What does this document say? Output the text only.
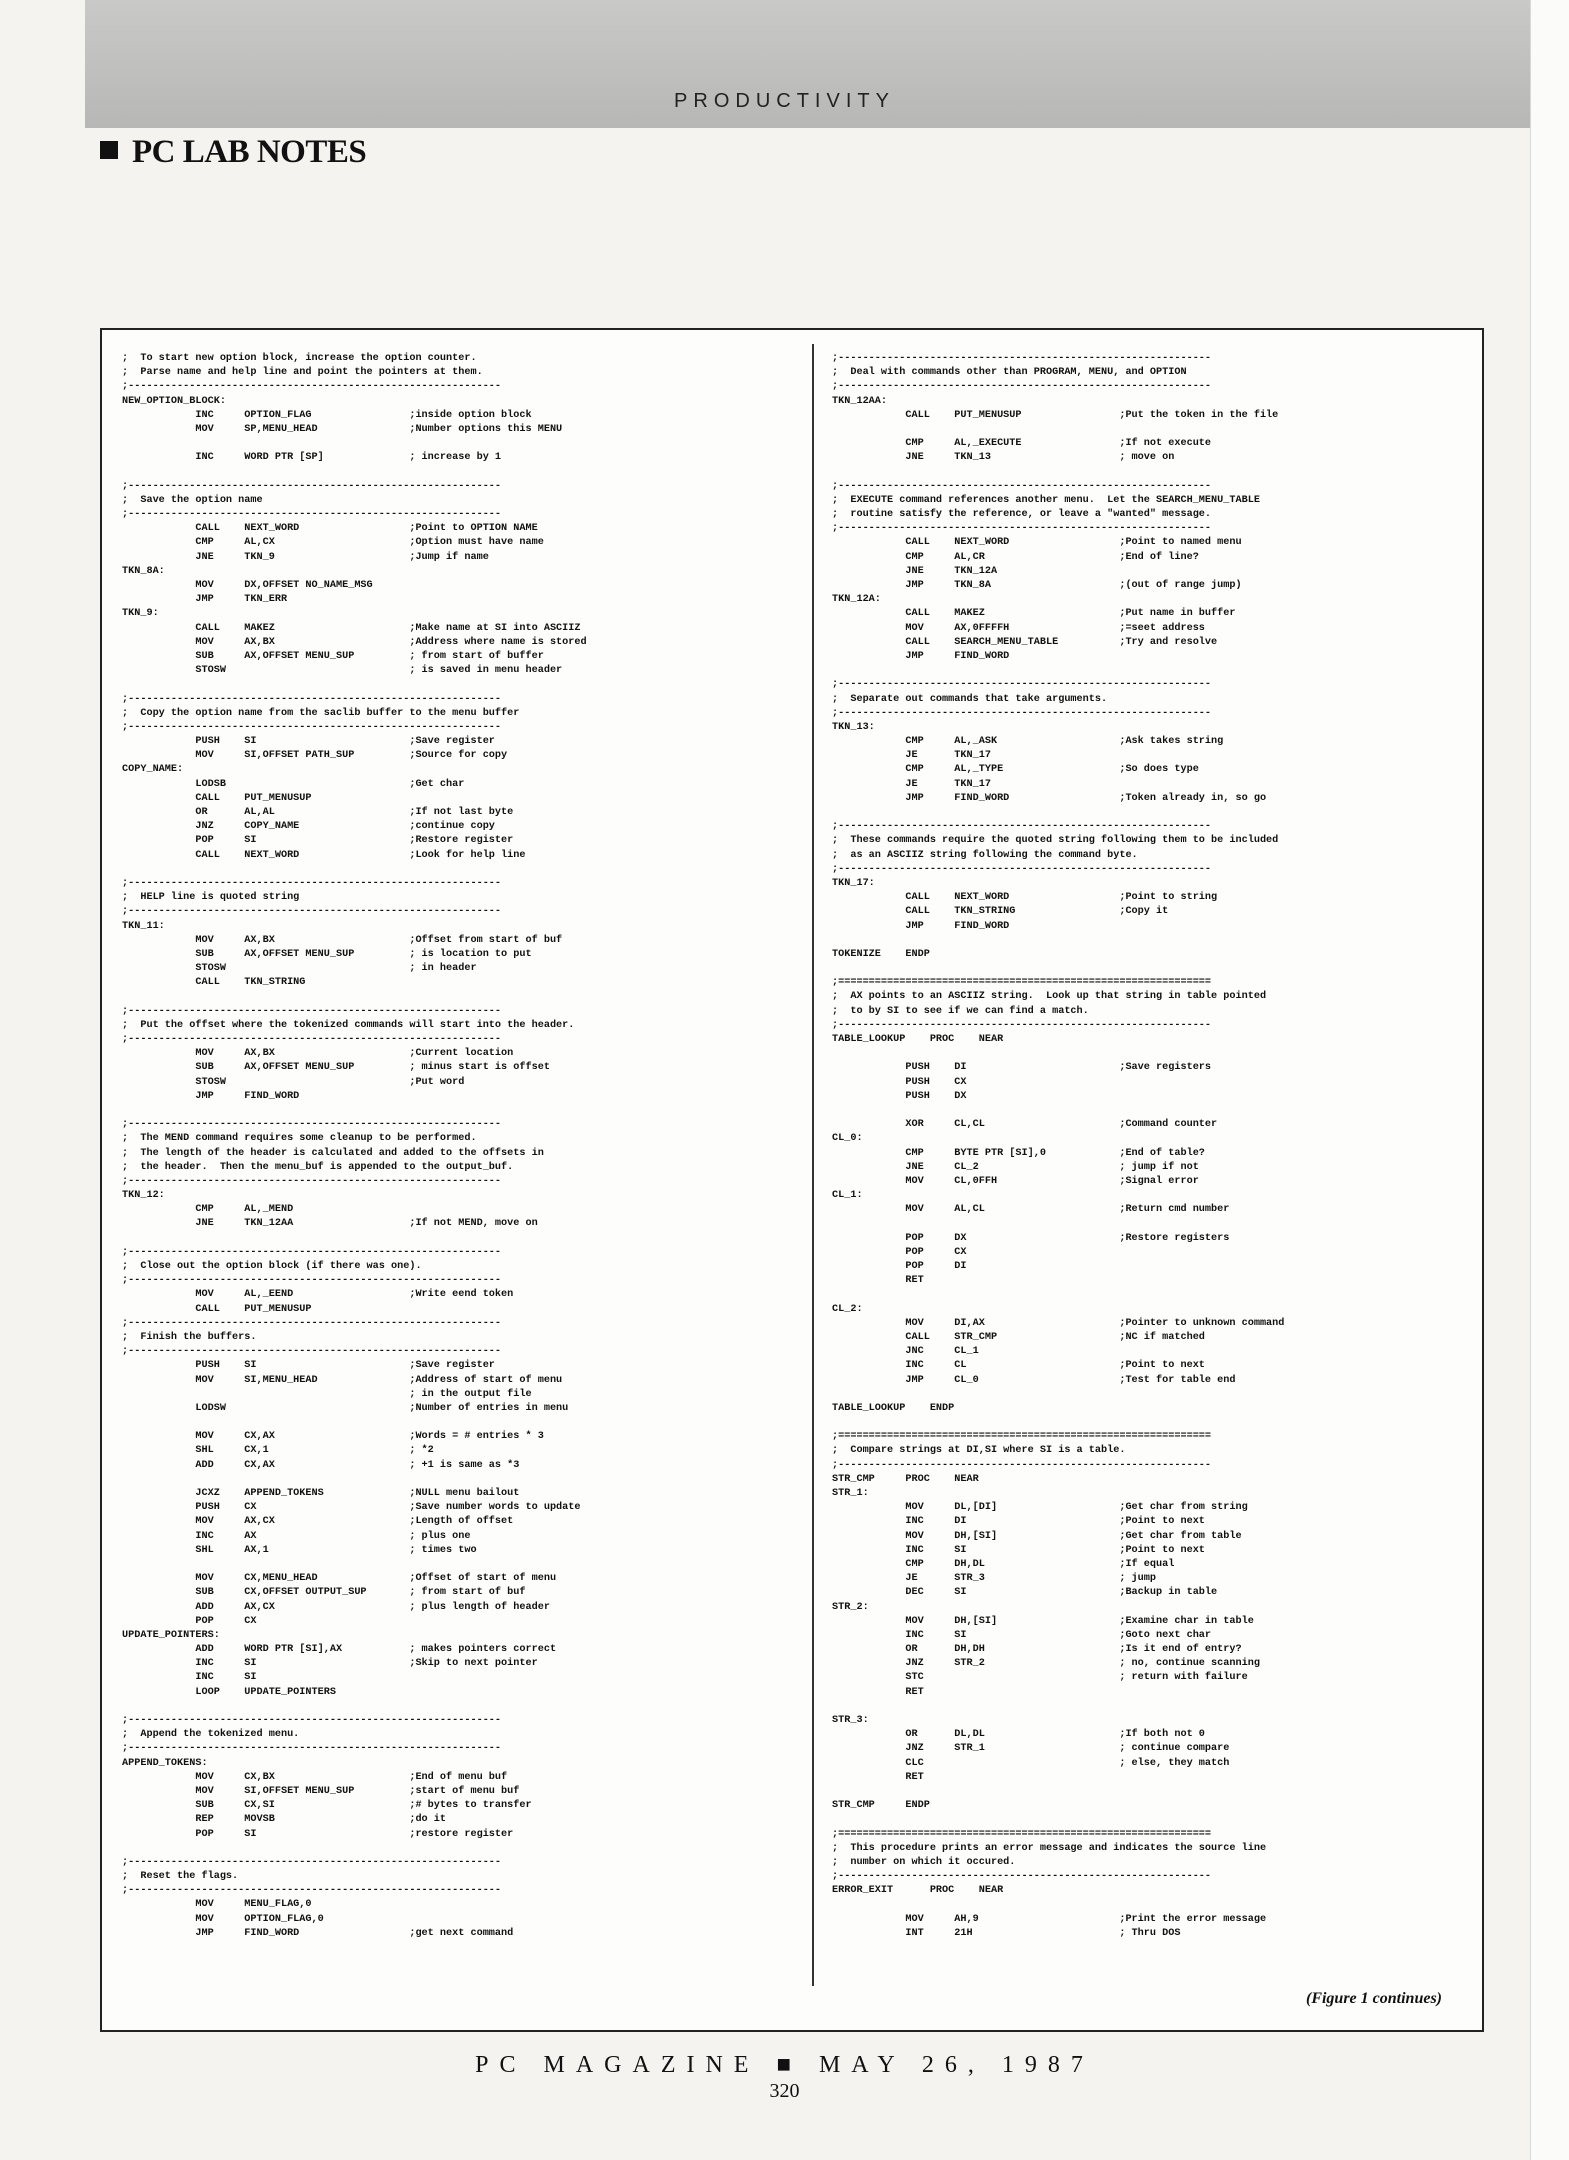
PRODUCTIVITY
PC LAB NOTES
;  To start new option block, increase the option counter.
;  Parse name and help line and point the pointers at them.
;-------------------------------------------------------------
NEW_OPTION_BLOCK:
INC     OPTION_FLAG                ;inside option block
MOV     SP,MENU_HEAD               ;Number options this MENU
INC     WORD PTR [SP]              ; increase by 1
;-------------------------------------------------------------
;  Save the option name
;-------------------------------------------------------------
CALL    NEXT_WORD                  ;Point to OPTION NAME
CMP     AL,CX                      ;Option must have name
JNE     TKN_9                      ;Jump if name
TKN_8A:
MOV     DX,OFFSET NO_NAME_MSG
JMP     TKN_ERR
TKN_9:
CALL    MAKEZ                      ;Make name at SI into ASCIIZ
MOV     AX,BX                      ;Address where name is stored
SUB     AX,OFFSET MENU_SUP         ; from start of buffer
STOSW                              ; is saved in menu header
;-------------------------------------------------------------
;  Copy the option name from the saclib buffer to the menu buffer
;-------------------------------------------------------------
PUSH    SI                         ;Save register
MOV     SI,OFFSET PATH_SUP         ;Source for copy
COPY_NAME:
LODSB                              ;Get char
CALL    PUT_MENUSUP
OR      AL,AL                      ;If not last byte
JNZ     COPY_NAME                  ;continue copy
POP     SI                         ;Restore register
CALL    NEXT_WORD                  ;Look for help line
;-------------------------------------------------------------
;  HELP line is quoted string
;-------------------------------------------------------------
TKN_11:
MOV     AX,BX                      ;Offset from start of buf
SUB     AX,OFFSET MENU_SUP         ; is location to put
STOSW                              ; in header
CALL    TKN_STRING
;-------------------------------------------------------------
;  Put the offset where the tokenized commands will start into the header.
;-------------------------------------------------------------
MOV     AX,BX                      ;Current location
SUB     AX,OFFSET MENU_SUP         ; minus start is offset
STOSW                              ;Put word
JMP     FIND_WORD
;-------------------------------------------------------------
;  The MEND command requires some cleanup to be performed.
;  The length of the header is calculated and added to the offsets in
;  the header.  Then the menu_buf is appended to the output_buf.
;-------------------------------------------------------------
TKN_12:
CMP     AL,_MEND
JNE     TKN_12AA                   ;If not MEND, move on
;-------------------------------------------------------------
;  Close out the option block (if there was one).
;-------------------------------------------------------------
MOV     AL,_EEND                   ;Write eend token
CALL    PUT_MENUSUP
;-------------------------------------------------------------
;  Finish the buffers.
;-------------------------------------------------------------
PUSH    SI                         ;Save register
MOV     SI,MENU_HEAD               ;Address of start of menu
; in the output file
LODSW                              ;Number of entries in menu
MOV     CX,AX                      ;Words = # entries * 3
SHL     CX,1                       ; *2
ADD     CX,AX                      ; +1 is same as *3
JCXZ    APPEND_TOKENS              ;NULL menu bailout
PUSH    CX                         ;Save number words to update
MOV     AX,CX                      ;Length of offset
INC     AX                         ; plus one
SHL     AX,1                       ; times two
MOV     CX,MENU_HEAD               ;Offset of start of menu
SUB     CX,OFFSET OUTPUT_SUP       ; from start of buf
ADD     AX,CX                      ; plus length of header
POP     CX
UPDATE_POINTERS:
ADD     WORD PTR [SI],AX           ; makes pointers correct
INC     SI                         ;Skip to next pointer
INC     SI
LOOP    UPDATE_POINTERS
;-------------------------------------------------------------
;  Append the tokenized menu.
;-------------------------------------------------------------
APPEND_TOKENS:
MOV     CX,BX                      ;End of menu buf
MOV     SI,OFFSET MENU_SUP         ;start of menu buf
SUB     CX,SI                      ;# bytes to transfer
REP     MOVSB                      ;do it
POP     SI                         ;restore register
;-------------------------------------------------------------
;  Reset the flags.
;-------------------------------------------------------------
MOV     MENU_FLAG,0
MOV     OPTION_FLAG,0
JMP     FIND_WORD                  ;get next command
;-------------------------------------------------------------
;  Deal with commands other than PROGRAM, MENU, and OPTION
;-------------------------------------------------------------
TKN_12AA:
CALL    PUT_MENUSUP                ;Put the token in the file
CMP     AL,_EXECUTE                ;If not execute
JNE     TKN_13                     ; move on
;-------------------------------------------------------------
;  EXECUTE command references another menu.  Let the SEARCH_MENU_TABLE
;  routine satisfy the reference, or leave a "wanted" message.
;-------------------------------------------------------------
CALL    NEXT_WORD                  ;Point to named menu
CMP     AL,CR                      ;End of line?
JNE     TKN_12A
JMP     TKN_8A                     ;(out of range jump)
TKN_12A:
CALL    MAKEZ                      ;Put name in buffer
MOV     AX,0FFFFH                  ;=seet address
CALL    SEARCH_MENU_TABLE          ;Try and resolve
JMP     FIND_WORD
;-------------------------------------------------------------
;  Separate out commands that take arguments.
;-------------------------------------------------------------
TKN_13:
CMP     AL,_ASK                    ;Ask takes string
JE      TKN_17
CMP     AL,_TYPE                   ;So does type
JE      TKN_17
JMP     FIND_WORD                  ;Token already in, so go
;-------------------------------------------------------------
;  These commands require the quoted string following them to be included
;  as an ASCIIZ string following the command byte.
;-------------------------------------------------------------
TKN_17:
CALL    NEXT_WORD                  ;Point to string
CALL    TKN_STRING                 ;Copy it
JMP     FIND_WORD
TOKENIZE    ENDP
;=============================================================
;  AX points to an ASCIIZ string.  Look up that string in table pointed
;  to by SI to see if we can find a match.
;-------------------------------------------------------------
TABLE_LOOKUP    PROC    NEAR
PUSH    DI                         ;Save registers
PUSH    CX
PUSH    DX
XOR     CL,CL                      ;Command counter
CL_0:
CMP     BYTE PTR [SI],0            ;End of table?
JNE     CL_2                       ; jump if not
MOV     CL,0FFH                    ;Signal error
CL_1:
MOV     AL,CL                      ;Return cmd number
POP     DX                         ;Restore registers
POP     CX
POP     DI
RET
CL_2:
MOV     DI,AX                      ;Pointer to unknown command
CALL    STR_CMP                    ;NC if matched
JNC     CL_1
INC     CL                         ;Point to next
JMP     CL_0                       ;Test for table end
TABLE_LOOKUP    ENDP
;=============================================================
;  Compare strings at DI,SI where SI is a table.
;-------------------------------------------------------------
STR_CMP     PROC    NEAR
STR_1:
MOV     DL,[DI]                    ;Get char from string
INC     DI                         ;Point to next
MOV     DH,[SI]                    ;Get char from table
INC     SI                         ;Point to next
CMP     DH,DL                      ;If equal
JE      STR_3                      ; jump
DEC     SI                         ;Backup in table
STR_2:
MOV     DH,[SI]                    ;Examine char in table
INC     SI                         ;Goto next char
OR      DH,DH                      ;Is it end of entry?
JNZ     STR_2                      ; no, continue scanning
STC                                ; return with failure
RET
STR_3:
OR      DL,DL                      ;If both not 0
JNZ     STR_1                      ; continue compare
CLC                                ; else, they match
RET
STR_CMP     ENDP
;=============================================================
;  This procedure prints an error message and indicates the source line
;  number on which it occured.
;-------------------------------------------------------------
ERROR_EXIT      PROC    NEAR
MOV     AH,9                       ;Print the error message
INT     21H                        ; Thru DOS
(Figure 1 continues)
PC MAGAZINE ■ MAY 26, 1987
320
